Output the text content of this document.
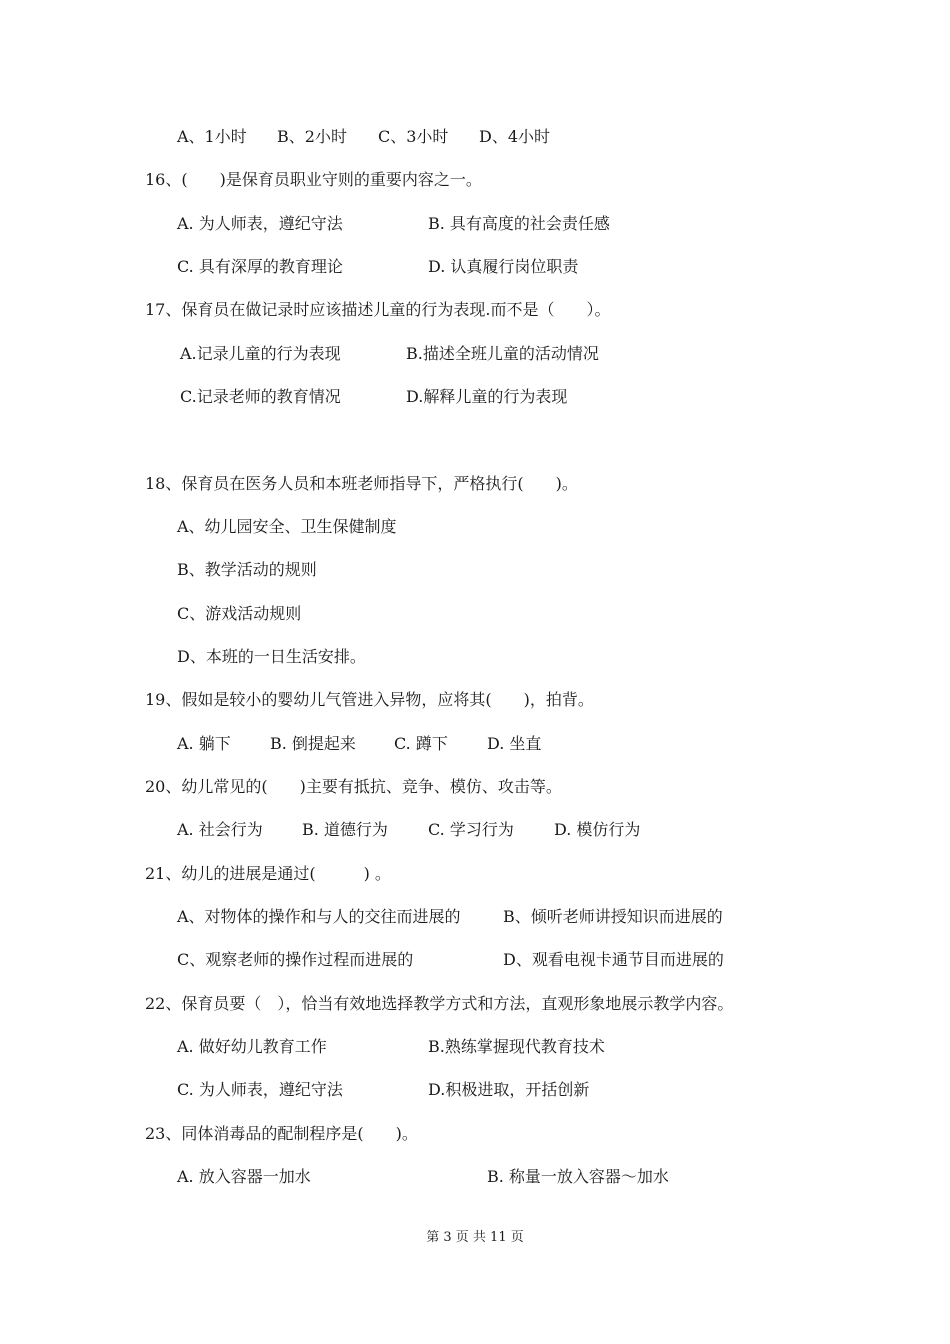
A、1小时 B、2小时 C、3小时 D、4小时
16、(　　)是保育员职业守则的重要内容之一。
A. 为人师表，遵纪守法	B. 具有高度的社会责任感
C. 具有深厚的教育理论	D. 认真履行岗位职责
17、保育员在做记录时应该描述儿童的行为表现.而不是（　　）。
A.记录儿童的行为表现	B.描述全班儿童的活动情况
C.记录老师的教育情况	D.解释儿童的行为表现
18、保育员在医务人员和本班老师指导下，严格执行(　　)。
A、幼儿园安全、卫生保健制度
B、教学活动的规则
C、游戏活动规则
D、本班的一日生活安排。
19、假如是较小的婴幼儿气管进入异物，应将其(　　)，拍背。
A. 躺下 B. 倒提起来 C. 蹲下 D. 坐直
20、幼儿常见的(　　)主要有抵抗、竞争、模仿、攻击等。
A. 社会行为 B. 道德行为	C. 学习行为	D. 模仿行为
21、幼儿的进展是通过(　　　) 。
A、对物体的操作和与人的交往而进展的	B、倾听老师讲授知识而进展的
C、观察老师的操作过程而进展的	D、观看电视卡通节目而进展的
22、保育员要（　），恰当有效地选择教学方式和方法，直观形象地展示教学内容。
A. 做好幼儿教育工作	B.熟练掌握现代教育技术
C. 为人师表，遵纪守法	D.积极进取，开括创新
23、同体消毒品的配制程序是(　　)。
A. 放入容器一加水	B. 称量一放入容器～加水
第 3 页 共 11 页
